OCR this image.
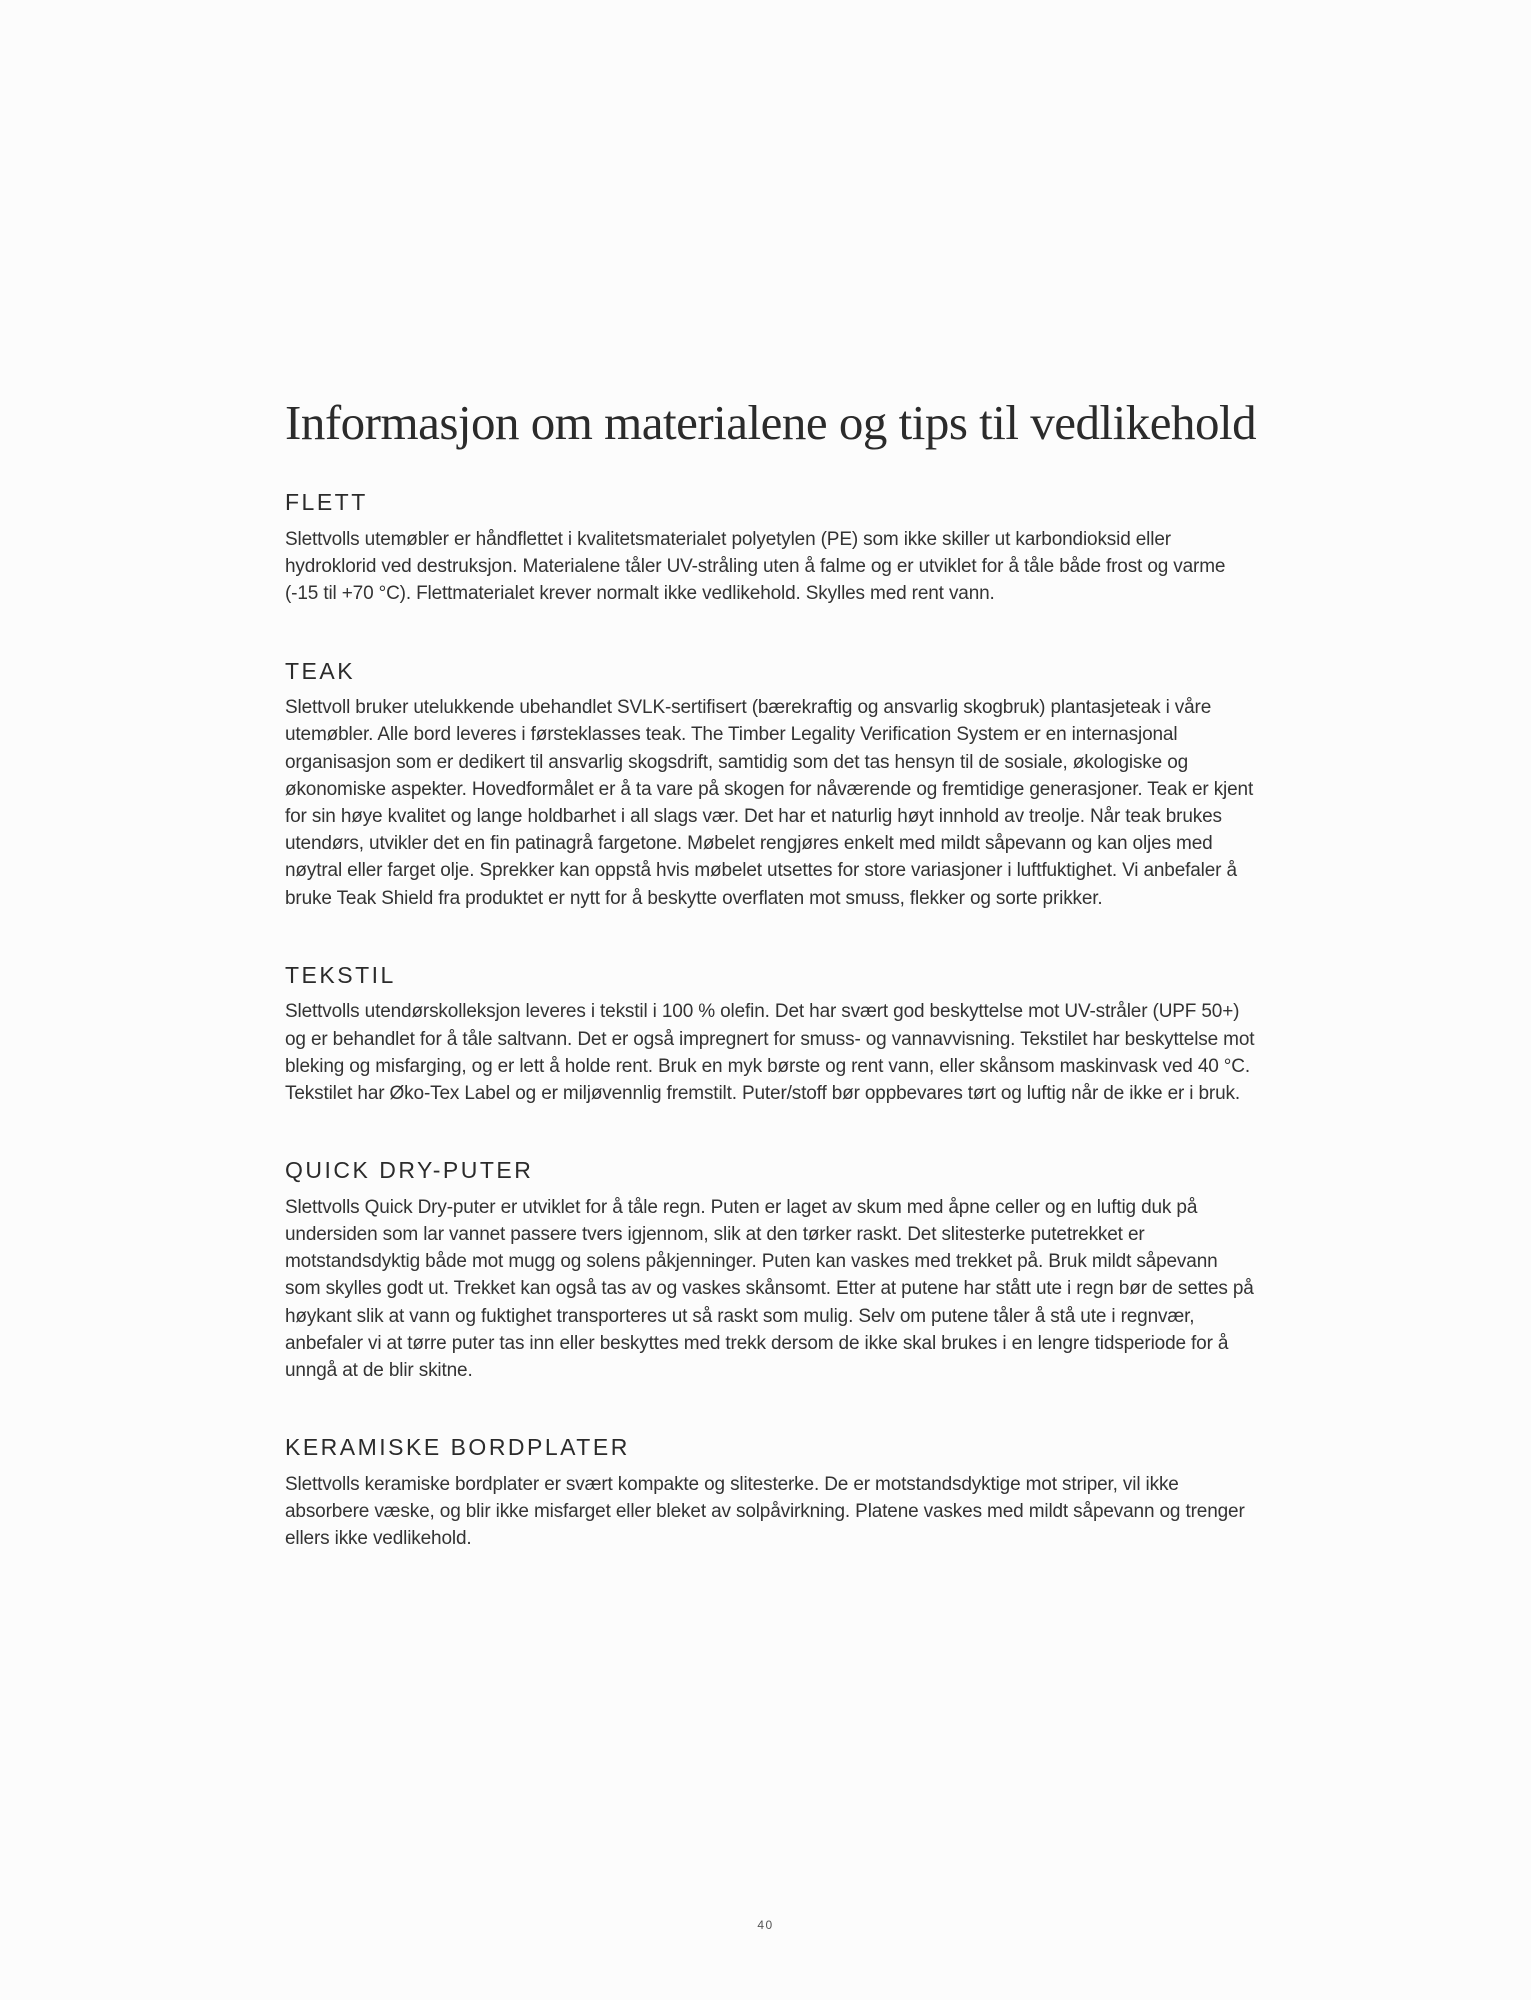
Informasjon om materialene og tips til vedlikehold
FLETT

Slettvolls utemøbler er håndflettet i kvalitetsmaterialet polyetylen (PE) som ikke skiller ut karbondioksid eller hydroklorid ved destruksjon. Materialene tåler UV-stråling uten å falme og er utviklet for å tåle både frost og varme (-15 til +70 °C). Flettmaterialet krever normalt ikke vedlikehold. Skylles med rent vann.

TEAK

Slettvoll bruker utelukkende ubehandlet SVLK-sertifisert (bærekraftig og ansvarlig skogbruk) plantasjeteak i våre utemøbler. Alle bord leveres i førsteklasses teak. The Timber Legality Verification System er en internasjonal organisasjon som er dedikert til ansvarlig skogsdrift, samtidig som det tas hensyn til de sosiale, økologiske og økonomiske aspekter. Hovedformålet er å ta vare på skogen for nåværende og fremtidige generasjoner. Teak er kjent for sin høye kvalitet og lange holdbarhet i all slags vær. Det har et naturlig høyt innhold av treolje. Når teak brukes utendørs, utvikler det en fin patinagrå fargetone. Møbelet rengjøres enkelt med mildt såpevann og kan oljes med nøytral eller farget olje. Sprekker kan oppstå hvis møbelet utsettes for store variasjoner i luftfuktighet. Vi anbefaler å bruke Teak Shield fra produktet er nytt for å beskytte overflaten mot smuss, flekker og sorte prikker.

TEKSTIL

Slettvolls utendørskolleksjon leveres i tekstil i 100 % olefin. Det har svært god beskyttelse mot UV-stråler (UPF 50+) og er behandlet for å tåle saltvann. Det er også impregnert for smuss- og vannavvisning. Tekstilet har beskyttelse mot bleking og misfarging, og er lett å holde rent. Bruk en myk børste og rent vann, eller skånsom maskinvask ved 40 °C. Tekstilet har Øko-Tex Label og er miljøvennlig fremstilt. Puter/stoff bør oppbevares tørt og luftig når de ikke er i bruk.

QUICK DRY-PUTER

Slettvolls Quick Dry-puter er utviklet for å tåle regn. Puten er laget av skum med åpne celler og en luftig duk på undersiden som lar vannet passere tvers igjennom, slik at den tørker raskt. Det slitesterke putetrekket er motstandsdyktig både mot mugg og solens påkjenninger. Puten kan vaskes med trekket på. Bruk mildt såpevann som skylles godt ut. Trekket kan også tas av og vaskes skånsomt. Etter at putene har stått ute i regn bør de settes på høykant slik at vann og fuktighet transporteres ut så raskt som mulig. Selv om putene tåler å stå ute i regnvær, anbefaler vi at tørre puter tas inn eller beskyttes med trekk dersom de ikke skal brukes i en lengre tidsperiode for å unngå at de blir skitne.

KERAMISKE BORDPLATER

Slettvolls keramiske bordplater er svært kompakte og slitesterke. De er motstandsdyktige mot striper, vil ikke absorbere væske, og blir ikke misfarget eller bleket av solpåvirkning. Platene vaskes med mildt såpevann og trenger ellers ikke vedlikehold.

40
